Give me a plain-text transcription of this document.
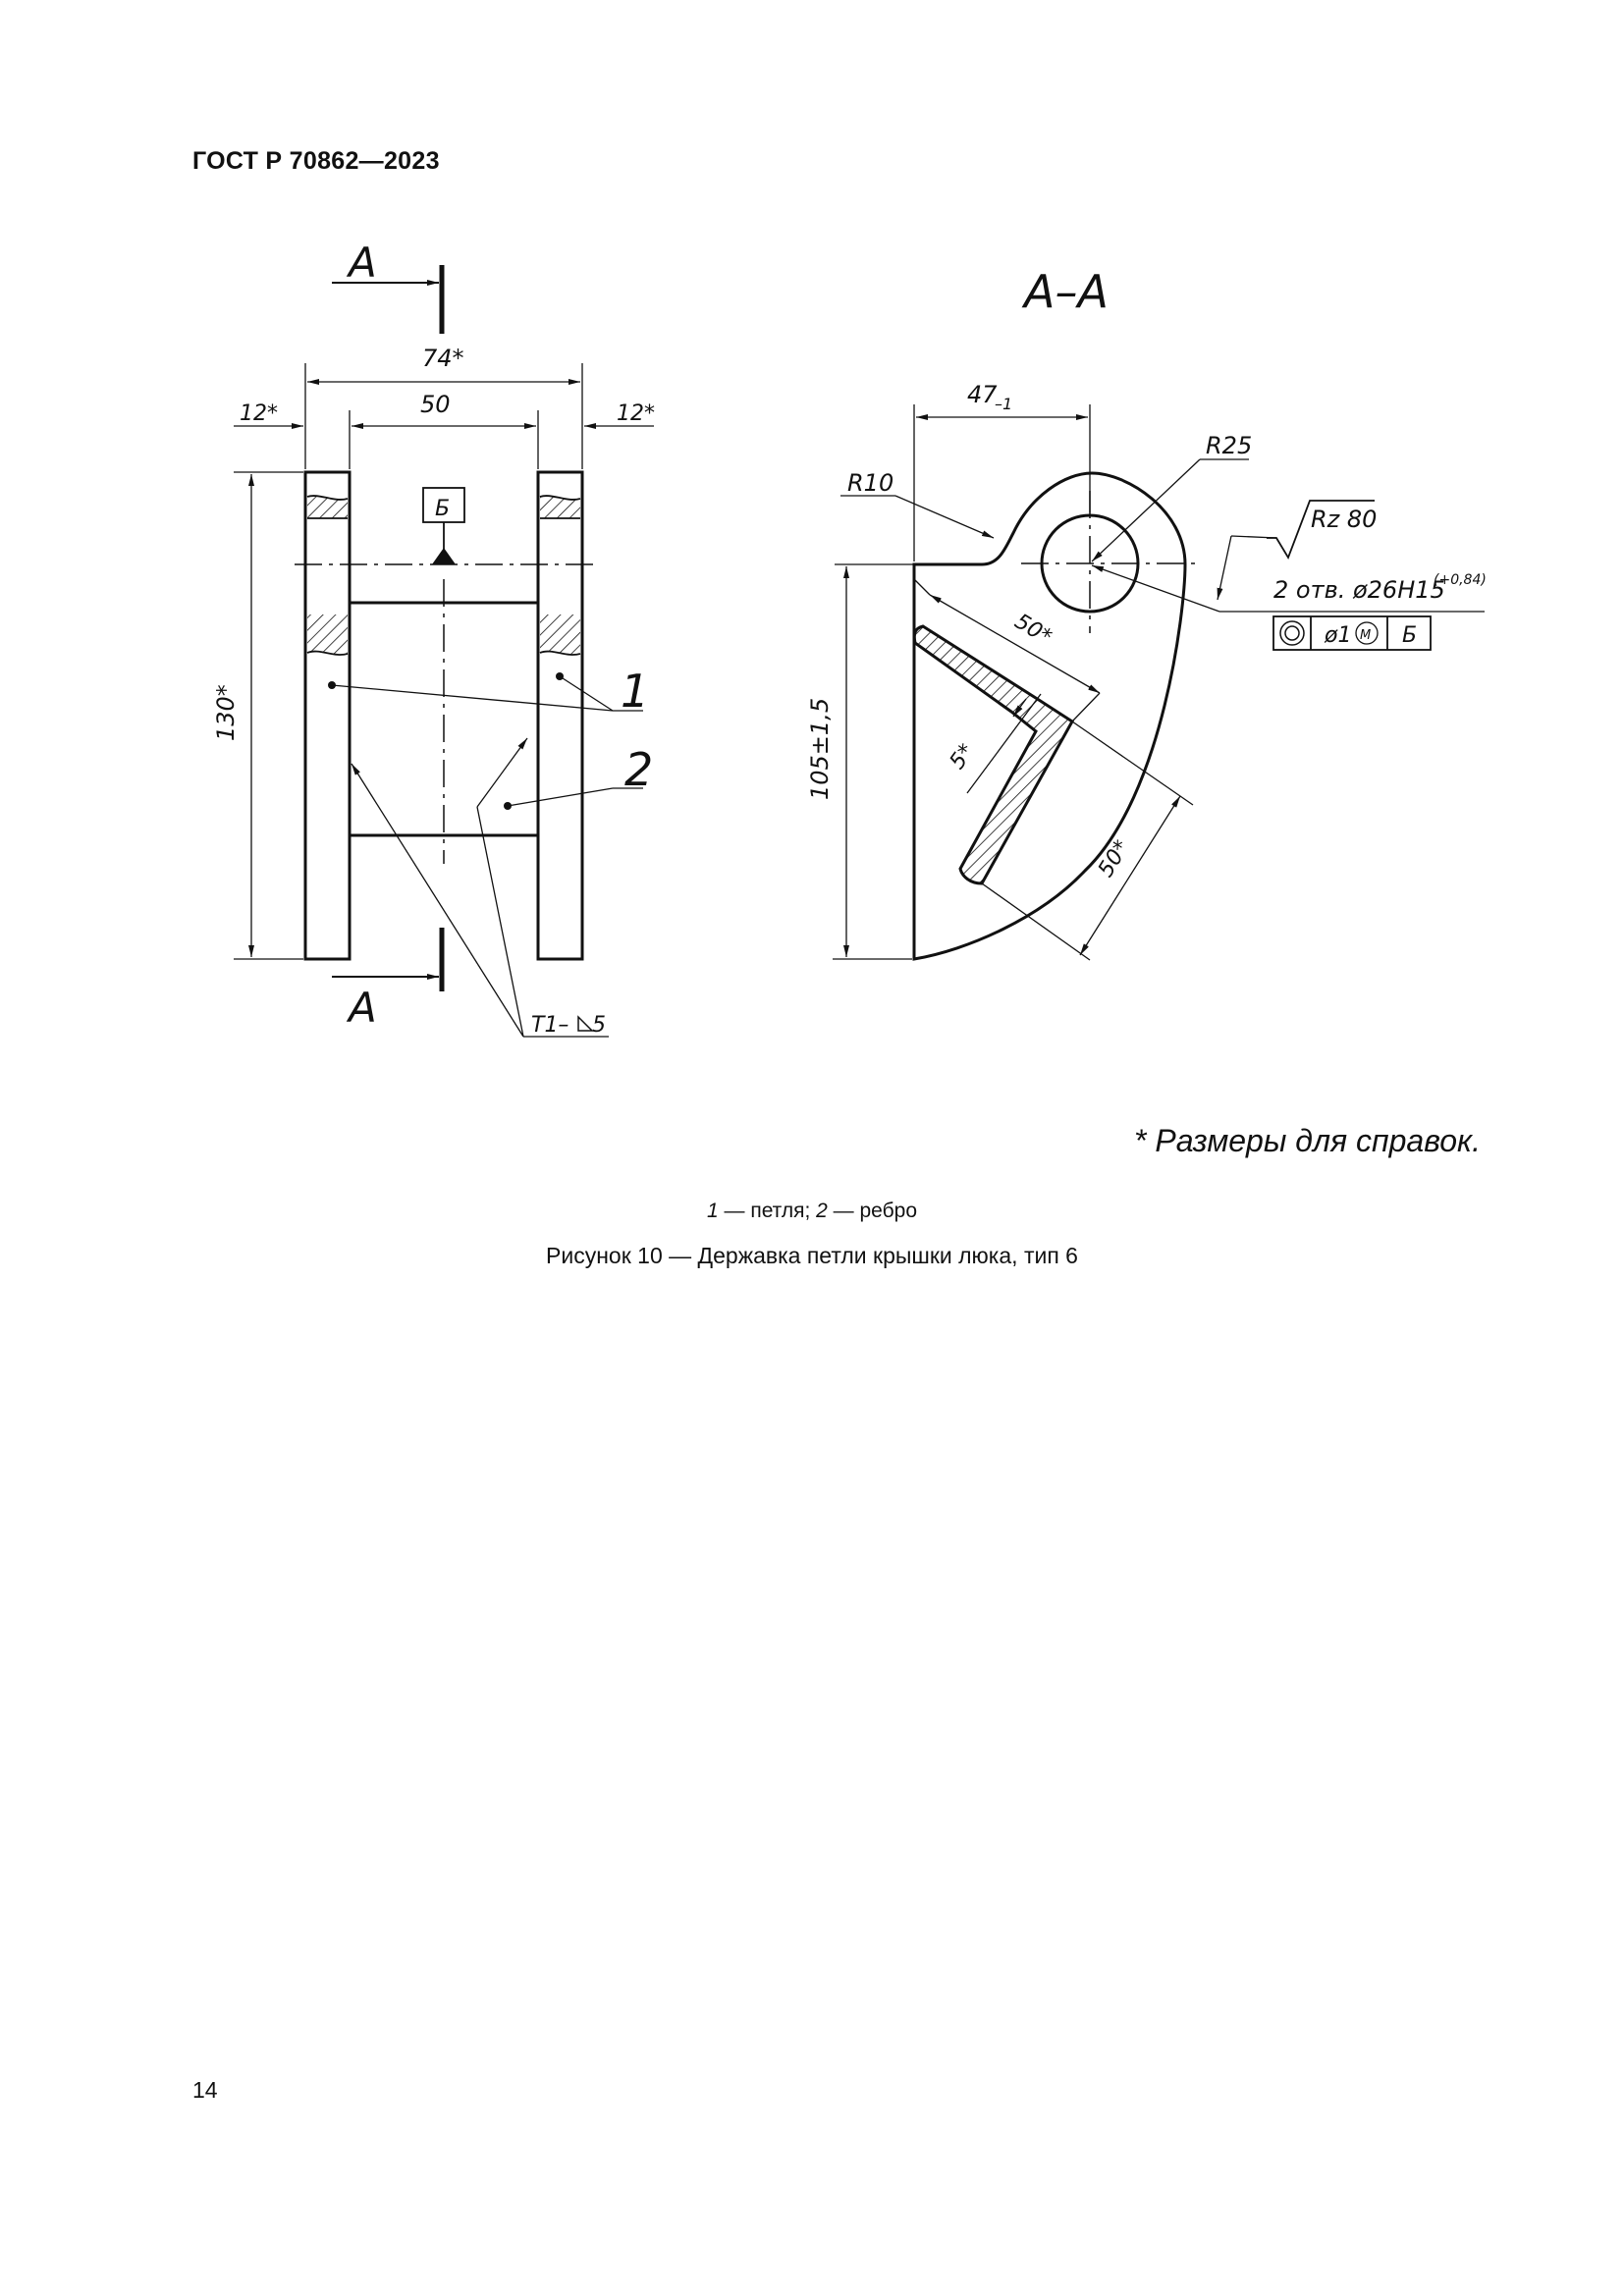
ГОСТ Р 70862—2023
А
А
74*
50
12*	12*
130*
Б
1
2
Т1– 5
А–А
47
–1
R25
R10
Rz 80
2 отв. ø26H15
(+0,84)
ø1 M Б
105±1,5
50*
5*
50*
* Размеры для справок.
1 — петля; 2 — ребро
Рисунок 10 — Державка петли крышки люка, тип 6
14
